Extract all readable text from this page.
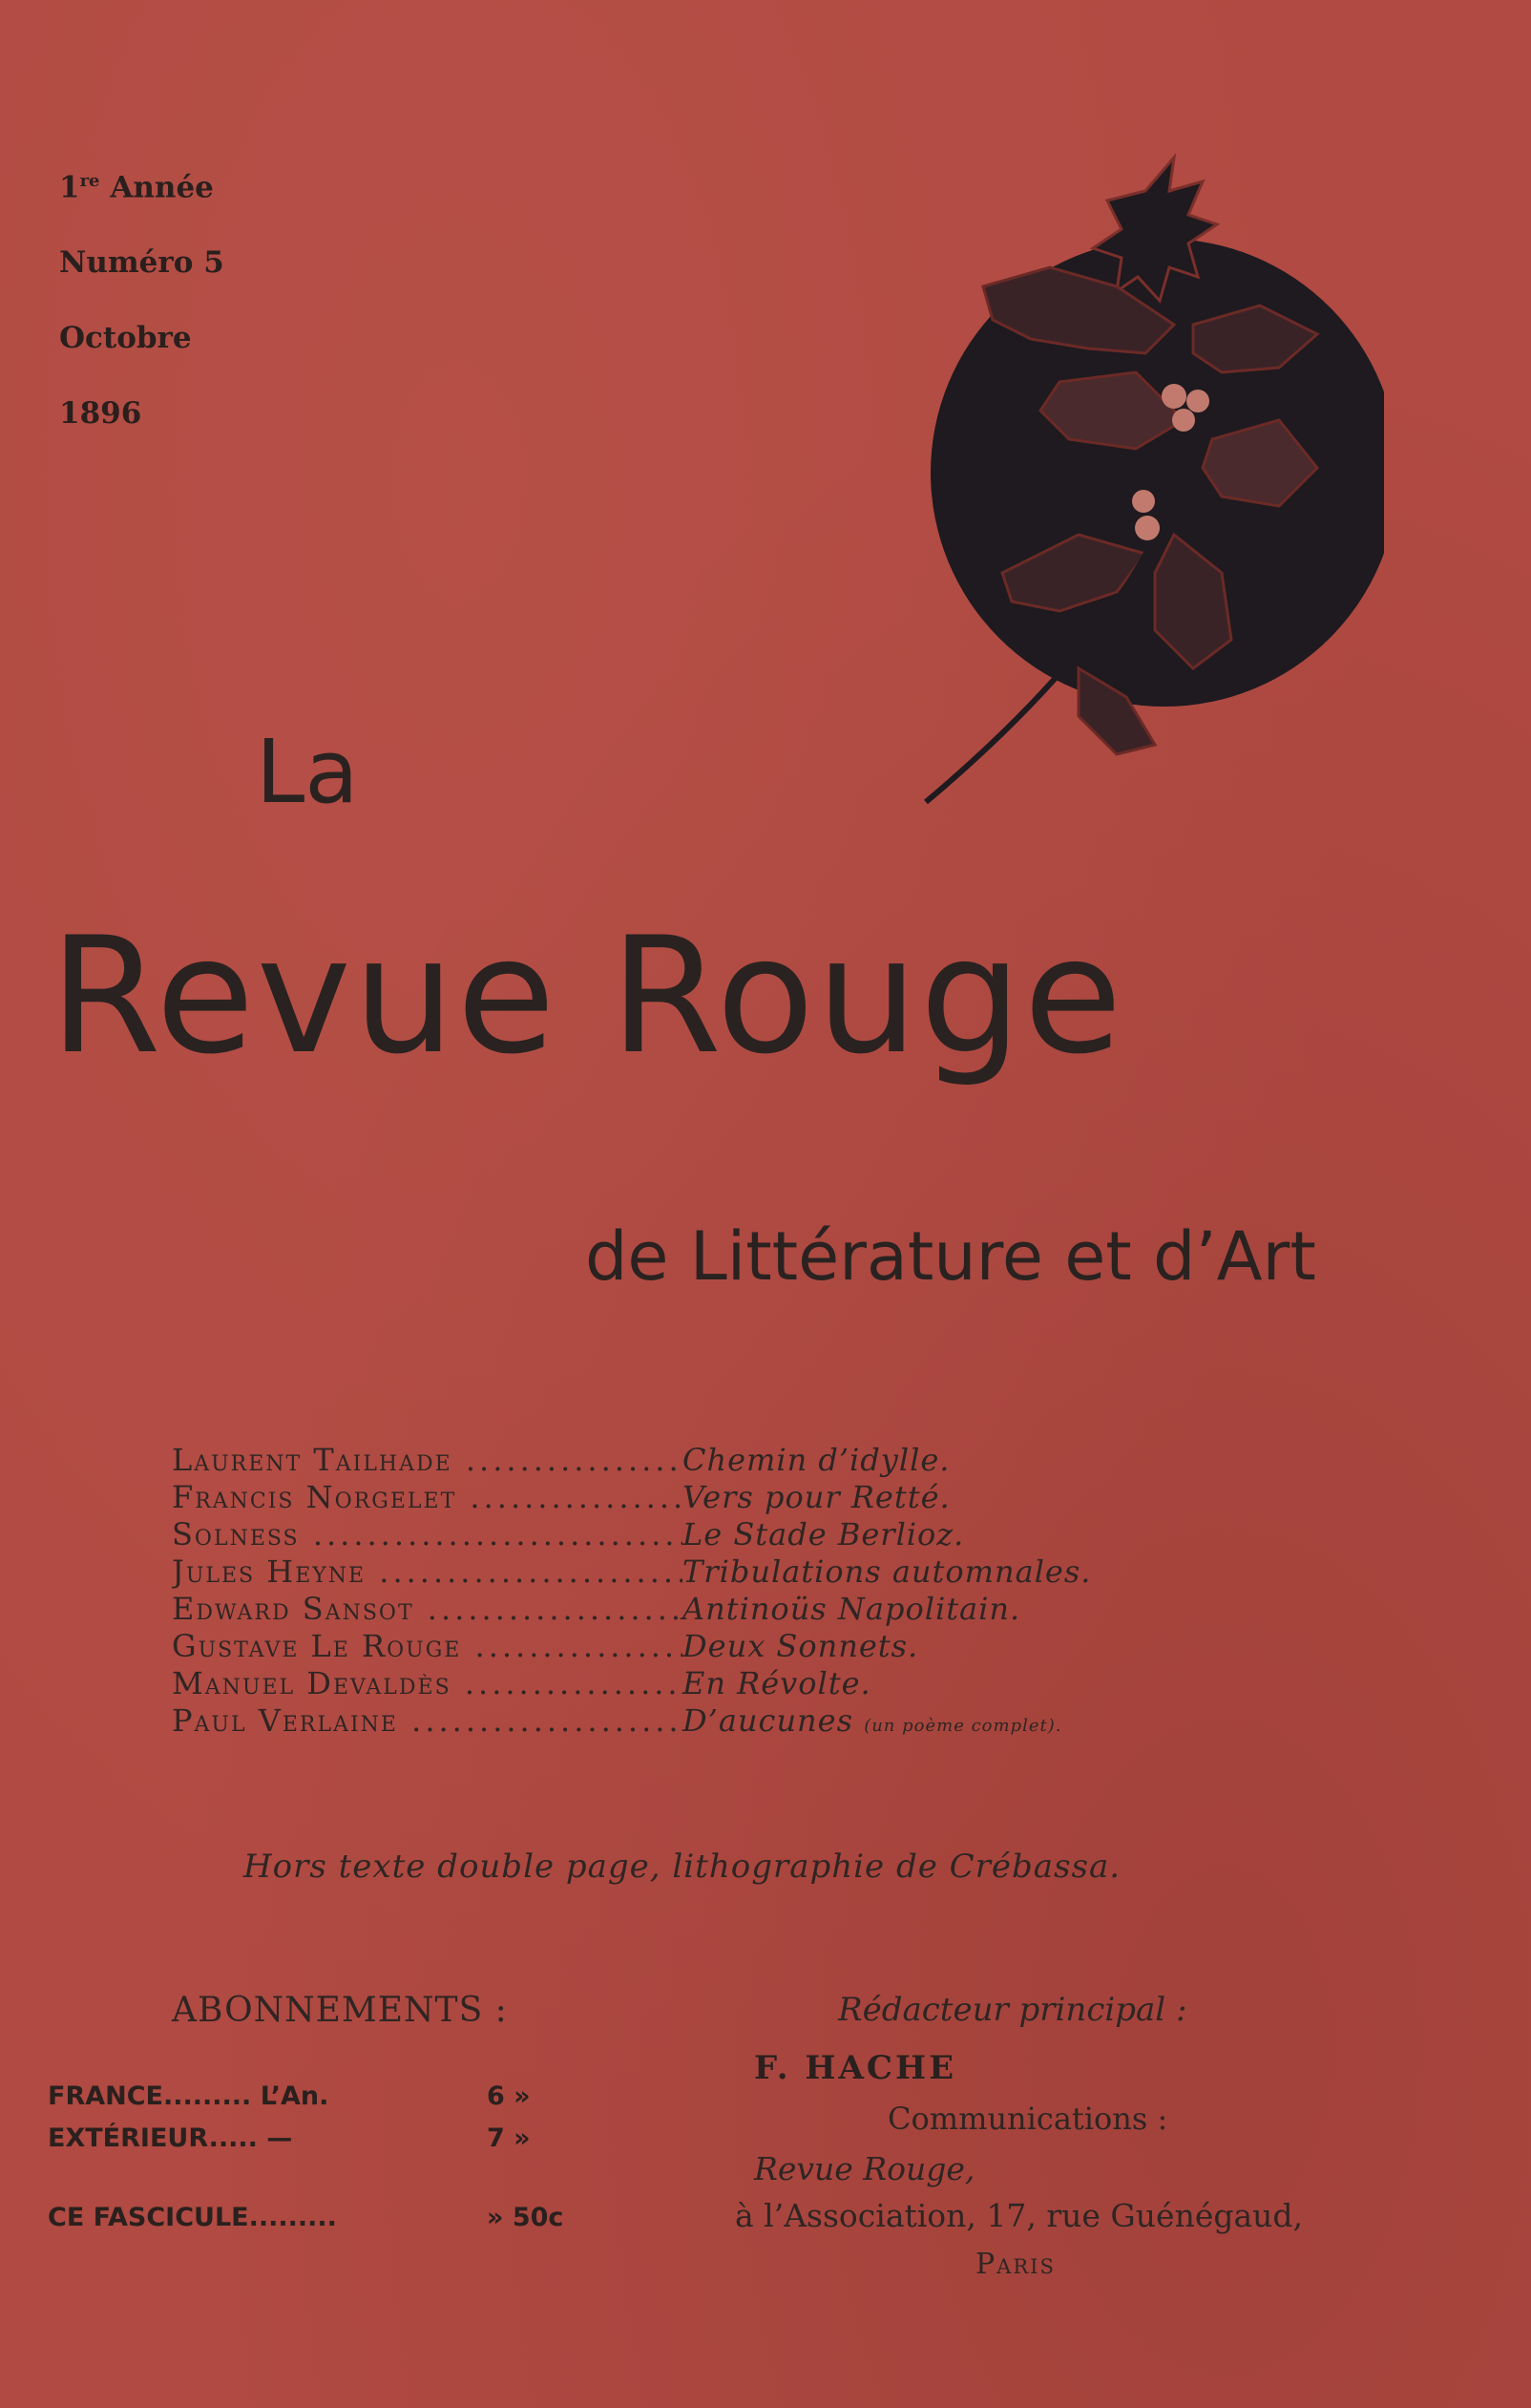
1re Année
Numéro 5
Octobre
1896
La
Revue Rouge
de Littérature et d’Art
Laurent Tailhade .....	Chemin d’idylle.
Francis Norgelet .....	Vers pour Retté.
Solness .....	Le Stade Berlioz.
Jules Heyne .....	Tribulations automnales.
Edward Sansot .....	Antinoüs Napolitain.
Gustave Le Rouge .....	Deux Sonnets.
Manuel Devaldès .....	En Révolte.
Paul Verlaine .....	D’aucunes (un poème complet).
Hors texte double page, lithographie de Crébassa.
ABONNEMENTS :
FRANCE......... L’An.	6 »
EXTÉRIEUR..... —	7 »
CE FASCICULE.........	» 50c
Rédacteur principal :
F. HACHE
Communications :
Revue Rouge,
à l’Association, 17, rue Guénégaud,
Paris
